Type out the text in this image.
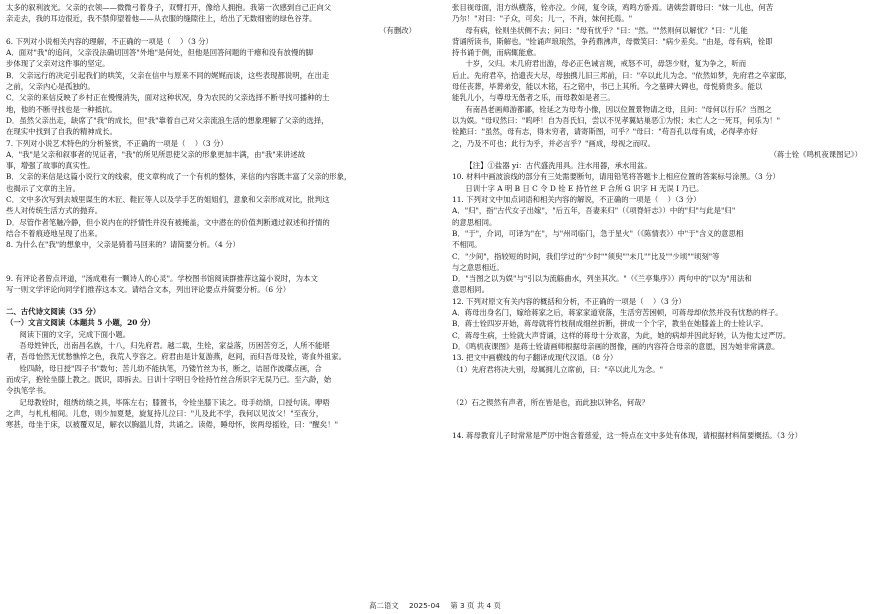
太多的叙利波光。父亲的衣领——微微弓着身子，双臂打开，像给人拥抱。我第一次感到自己正向父

亲走去，我的耳边很近，我不禁仰望着他——从衣服的缝隙往上，给出了无数细密的绿色谷芽。

（有删改）

6. 下列对小说相关内容的理解，不正确的一项是（    ）（3 分）

A．面对"我"的追问，父亲没法确切回答"外地"是何处，但他是回答问题的干瘪和没有放慢的脚

步体现了父亲对这件事的坚定。

B．父亲远行的决定引起我们的哄笑，父亲在信中与原来不同的娓娓而谈，这些表现都说明，在出走

之前，父亲内心是孤独的。

C．父亲的来信反映了乡村正在慢慢消失，面对这种状况，身为农民的父亲选择不断寻找可播种的土

地，他的不断寻找也是一种抵抗。

D．虽然父亲出走，缺席了"我"的成长，但"我"靠着自己对父亲流浪生活的想象理解了父亲的选择，

在现实中找到了自我的精神成长。

7. 下列对小说艺术特色的分析鉴赏，不正确的一项是（    ）（3 分）

A．"我"是父亲和叙事者的见证者，"我"的所见所思使父亲的形象更加丰满，由"我"来讲述故

事，增强了故事的真实性。

B．父亲的来信是这篇小说行文的线索，使文章构成了一个有机的整体，来信的内容既丰富了父亲的形象，

也揭示了文章的主旨。

C．文中多次写到去城里谋生的木匠、鞋匠等人以及学手艺的姐姐们，意象和父亲形成对比，批判这

些人对传统生活方式的抛弃。

D．尽管作者笔触冷静，但小说内在的抒情性并没有被掩盖，文中潜在的价值判断通过叙述和抒情的

结合不着痕迹地呈现了出来。

8. 为什么在"我"的想象中，父亲是骑着马回来的？请简要分析。（4 分）

9. 有评论者曾点评道，"汤成难有一颗诗人的心灵"。学校图书馆阅读群推荐这篇小说时，为本文

写一则文学评论向同学们推荐这本文。请结合文本，列出评论要点并简要分析。（6 分）

二、古代诗文阅读（35 分）

（一）文言文阅读（本题共 5 小题，20 分）

阅读下面的文字，完成下面小题。

吾母姓钟氏，出南昌名族，十八，归先府君。越二载，生铨，家益落，历困苦穷乏，人所不能堪

者，吾母怡然无忧愁憔悴之色，我荒人亨容之。府君由是计复游燕，赵间，而归吾母及铨，寄食外祖家。

铨四龄，母日授"四子书"数句；苦儿幼不能执笔，乃镂竹丝为书，断之，诘屈作波磔点画，合

而成字，抱铨坐膝上教之。既识，即拆去。日训十字明日令铨持竹丝合所识字无误乃已。至六龄，始

令执笔学书。

记母教铨时，组绣纺绩之具，毕陈左右；膝置书，令铨坐膝下读之。母手纺绩，口授句读。咿唔

之声，与札札相间。儿怠，则少加夏楚，旋复持儿泣曰："儿及此不学，我何以见汝父！"至夜分，

寒甚，母坐于床，以被覆双足，解衣以胸温儿背，共诵之。读倦，睡母怀，俟两母摇铨，曰："醒矣！"

张目视母面，泪方纵横落，铨亦泣。少间，复令读，鸡鸣方卧焉。诸姨尝谓母曰："妹一儿也，何苦

乃尔！"对曰："子众，可矣；儿一，不肖，妹何托焉。"

母有病，铨则坐状侧不去；问曰："母有忧乎？"曰："然。""然则何以解忧？"曰："儿能

背诵所读书，斯解也。"铨诵声琅琅然，争药鼎沸声，母微笑曰："病少差矣。"由是，母有病，铨即

持书诵于侧，而病辄能愈。

十岁，父归。未几府君出游，母必正色诫言规，戒怒不可，毋怨少财，复为争之，听而

后止。先府君卒，拾遗丧大尽，母独携儿旧三邦前，曰："卒以此儿为念。"依然如梦，先府君之卒家邸，

母任丧葬，毕葬弟安，能以木铭，石之铭中，书已上其所。今之墓碑大碑也，母悦骑贵多。能以

能乳儿小，与尊母无偕者之乐，而母教如是者三。

有南昌老画师游都鄙，铨延之为母寿小像，因以位置景物请之母，且问："母何以行乐？当图之

以为娱。"母叹然曰："呜呼！自为吾氏妇，尝以不见孝翼姑巢恶①为恨；未亡人之一死耳，何乐为！"

铨跪曰："虽然，母有志，得未穷者，请寄斯图，可乎？"母曰："苟吾孔以母有成，必得孝亦好

之，乃及不可也；此行为乎，并必言乎？"画成，母视之而叹。

（蒋士铨《鸣机夜课图记》）

【注】①盐器 yí：古代盛洗用具。注水用器，承水用盆。

10. 材料中画波浪线的部分有三处需要断句，请用铅笔将答题卡上相应位置的答案标号涂黑。（3 分）

日训十字 A 明 B 日 C 令 D 铨 E 持竹丝 F 合所 G 识字 H 无误 I 乃已。

11. 下列对文中加点词语和相关内容的解说，不正确的一项是（    ）（3 分）

A．"归"，指"古代女子出嫁"，"后五年，吾妻来归"（《项脊轩志》）中的"归"与此是"归"

的意思相同。

B．"于"，介词，可译为"在"，与"州司临门，急于星火"（《陈情表》）中"于"含义的意思相

不相同。

C．"少间"，指较短的时间，我们学过的"少时""须臾""未几""比及""少顷""顷刻"等

与之意思相近。

D．"当图之以为娱"与"引以为流觞曲水，列坐其次。"（《兰亭集序》）两句中的"以为"用法和

意思相同。

12. 下列对原文有关内容的概括和分析，不正确的一项是（    ）（3 分）

A．蒋母出身名门，嫁给蒋家之后，蒋家家道衰落，生活穷苦困顿，可蒋母却依然并没有忧愁的样子。

B．蒋士铨四岁开始，蒋母就将竹枝削成细丝折断，拼成一个个字，教坐在她膝盖上的士铨认字。

C．蒋母生病，士铨就大声背诵，这样的蒋母十分欢喜，为此，她的病却并因此好转，认为他太过严厉。

D．《鸣机夜课图》是蒋士铨请画师根据母亲画的图像，画的内容符合母亲的意愿，因为她非常满意。

13. 把文中画横线的句子翻译成现代汉语。（8 分）

（1）先府君将决大别，母属拥儿立席前，曰："卒以此儿为念。"

（2）石之锲然有声者，所在皆是也，而此独以钟名，何哉？

14. 蒋母教育儿子时常常是严厉中饱含着慈爱，这一特点在文中多处有体现，请根据材料简要概括。（3 分）

高二语文 2025-04 第 3 页 共 4 页
